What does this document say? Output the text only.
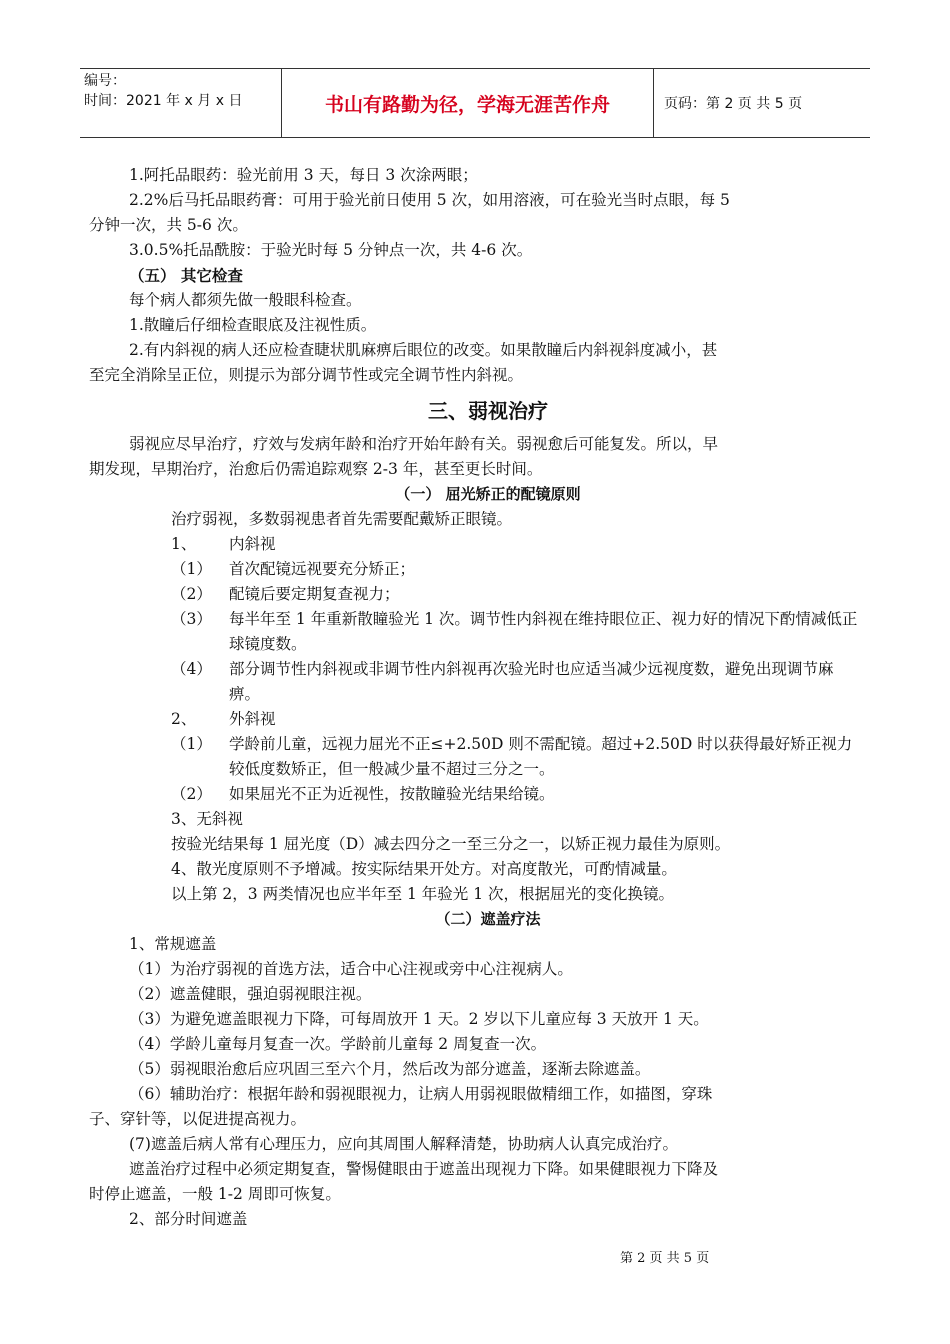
编号：
时间：2021 年 x 月 x 日	书山有路勤为径，学海无涯苦作舟	页码：第 2 页 共 5 页

1.阿托品眼药：验光前用 3 天，每日 3 次涂两眼；

2.2%后马托品眼药膏：可用于验光前日使用 5 次，如用溶液，可在验光当时点眼，每 5

分钟一次，共 5-6 次。

3.0.5%托品酰胺：于验光时每 5 分钟点一次，共 4-6 次。

（五） 其它检查

每个病人都须先做一般眼科检查。

1.散瞳后仔细检查眼底及注视性质。

2.有内斜视的病人还应检查睫状肌麻痹后眼位的改变。如果散瞳后内斜视斜度减小，甚

至完全消除呈正位，则提示为部分调节性或完全调节性内斜视。

三、弱视治疗

弱视应尽早治疗，疗效与发病年龄和治疗开始年龄有关。弱视愈后可能复发。所以，早

期发现，早期治疗，治愈后仍需追踪观察 2-3 年，甚至更长时间。

（一） 屈光矫正的配镜原则

治疗弱视，多数弱视患者首先需要配戴矫正眼镜。

1、	内斜视
（1）	首次配镜远视要充分矫正；
（2）	配镜后要定期复查视力；
（3）	每半年至 1 年重新散瞳验光 1 次。调节性内斜视在维持眼位正、视力好的情况下酌情减低正球镜度数。
（4）	部分调节性内斜视或非调节性内斜视再次验光时也应适当减少远视度数，避免出现调节麻痹。
2、	外斜视
（1）	学龄前儿童，远视力屈光不正≤+2.50D 则不需配镜。超过+2.50D 时以获得最好矫正视力较低度数矫正，但一般减少量不超过三分之一。
（2）	如果屈光不正为近视性，按散瞳验光结果给镜。

3、无斜视

按验光结果每 1 屈光度（D）减去四分之一至三分之一，以矫正视力最佳为原则。

4、散光度原则不予增减。按实际结果开处方。对高度散光，可酌情减量。

以上第 2，3 两类情况也应半年至 1 年验光 1 次，根据屈光的变化换镜。

（二）遮盖疗法

1、常规遮盖

（1）为治疗弱视的首选方法，适合中心注视或旁中心注视病人。

（2）遮盖健眼，强迫弱视眼注视。

（3）为避免遮盖眼视力下降，可每周放开 1 天。2 岁以下儿童应每 3 天放开 1 天。

（4）学龄儿童每月复查一次。学龄前儿童每 2 周复查一次。

（5）弱视眼治愈后应巩固三至六个月，然后改为部分遮盖，逐渐去除遮盖。

（6）辅助治疗：根据年龄和弱视眼视力，让病人用弱视眼做精细工作，如描图，穿珠

子、穿针等，以促进提高视力。

(7)遮盖后病人常有心理压力，应向其周围人解释清楚，协助病人认真完成治疗。

遮盖治疗过程中必须定期复查，警惕健眼由于遮盖出现视力下降。如果健眼视力下降及

时停止遮盖，一般 1-2 周即可恢复。

2、部分时间遮盖

第 2 页 共 5 页
